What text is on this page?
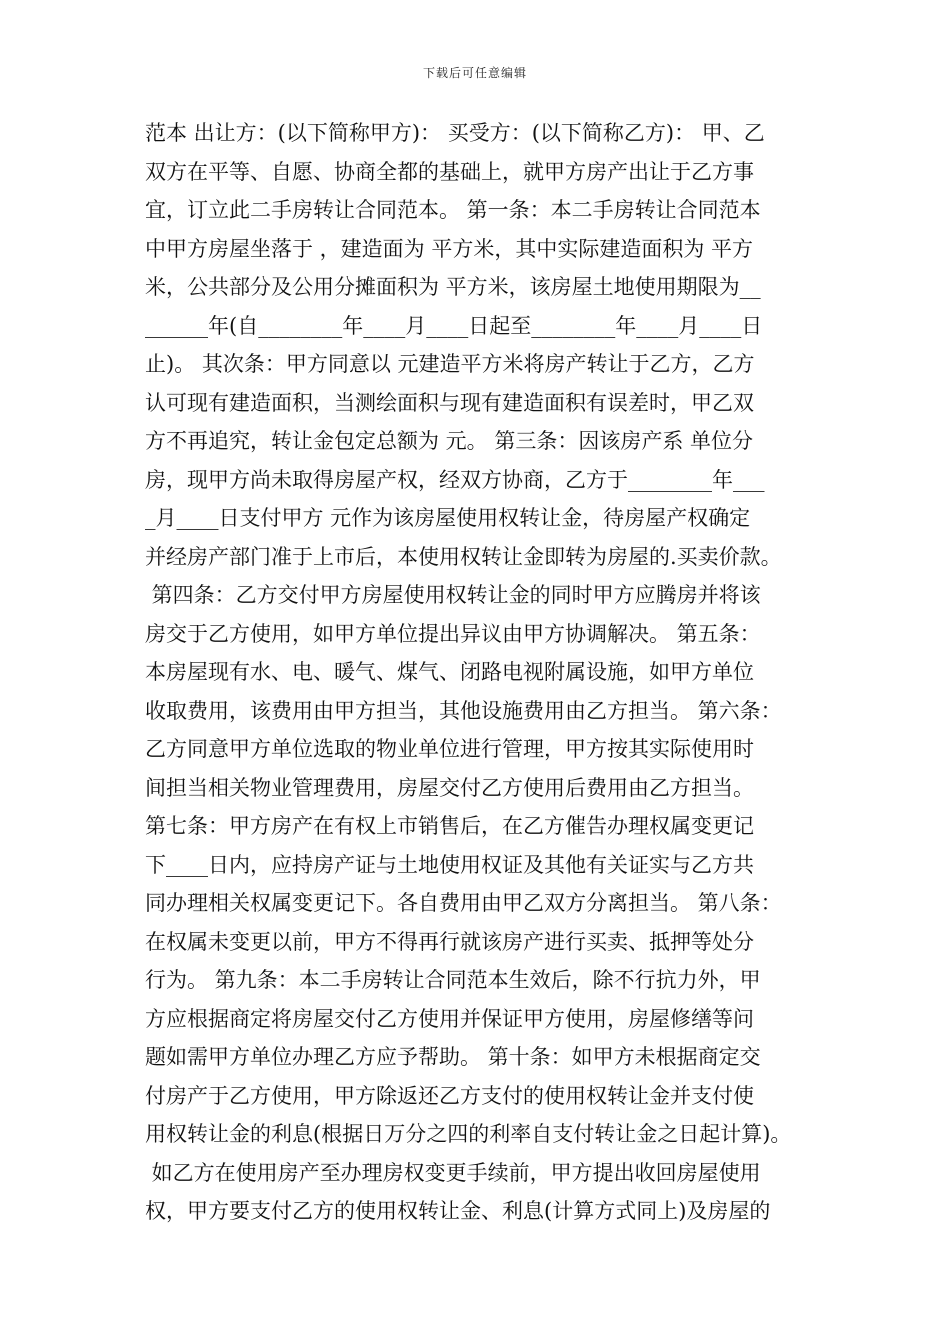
下载后可任意编辑
范本 出让方：(以下简称甲方)： 买受方：(以下简称乙方)： 甲、乙
双方在平等、自愿、协商全都的基础上，就甲方房产出让于乙方事
宜，订立此二手房转让合同范本。 第一条：本二手房转让合同范本
中甲方房屋坐落于 ，建造面为 平方米，其中实际建造面积为 平方
米，公共部分及公用分摊面积为 平方米，该房屋土地使用期限为__
______年(自________年____月____日起至________年____月____日
止)。 其次条：甲方同意以 元建造平方米将房产转让于乙方，乙方
认可现有建造面积，当测绘面积与现有建造面积有误差时，甲乙双
方不再追究，转让金包定总额为 元。 第三条：因该房产系 单位分
房，现甲方尚未取得房屋产权，经双方协商，乙方于________年___
_月____日支付甲方 元作为该房屋使用权转让金，待房屋产权确定
并经房产部门准于上市后，本使用权转让金即转为房屋的.买卖价款。
第四条：乙方交付甲方房屋使用权转让金的同时甲方应腾房并将该
房交于乙方使用，如甲方单位提出异议由甲方协调解决。 第五条：
本房屋现有水、电、暖气、煤气、闭路电视附属设施，如甲方单位
收取费用，该费用由甲方担当，其他设施费用由乙方担当。 第六条：
乙方同意甲方单位选取的物业单位进行管理，甲方按其实际使用时
间担当相关物业管理费用，房屋交付乙方使用后费用由乙方担当。
第七条：甲方房产在有权上市销售后，在乙方催告办理权属变更记
下____日内，应持房产证与土地使用权证及其他有关证实与乙方共
同办理相关权属变更记下。各自费用由甲乙双方分离担当。 第八条：
在权属未变更以前，甲方不得再行就该房产进行买卖、抵押等处分
行为。 第九条：本二手房转让合同范本生效后，除不行抗力外，甲
方应根据商定将房屋交付乙方使用并保证甲方使用，房屋修缮等问
题如需甲方单位办理乙方应予帮助。 第十条：如甲方未根据商定交
付房产于乙方使用，甲方除返还乙方支付的使用权转让金并支付使
用权转让金的利息(根据日万分之四的利率自支付转让金之日起计算)。
如乙方在使用房产至办理房权变更手续前，甲方提出收回房屋使用
权，甲方要支付乙方的使用权转让金、利息(计算方式同上)及房屋的
